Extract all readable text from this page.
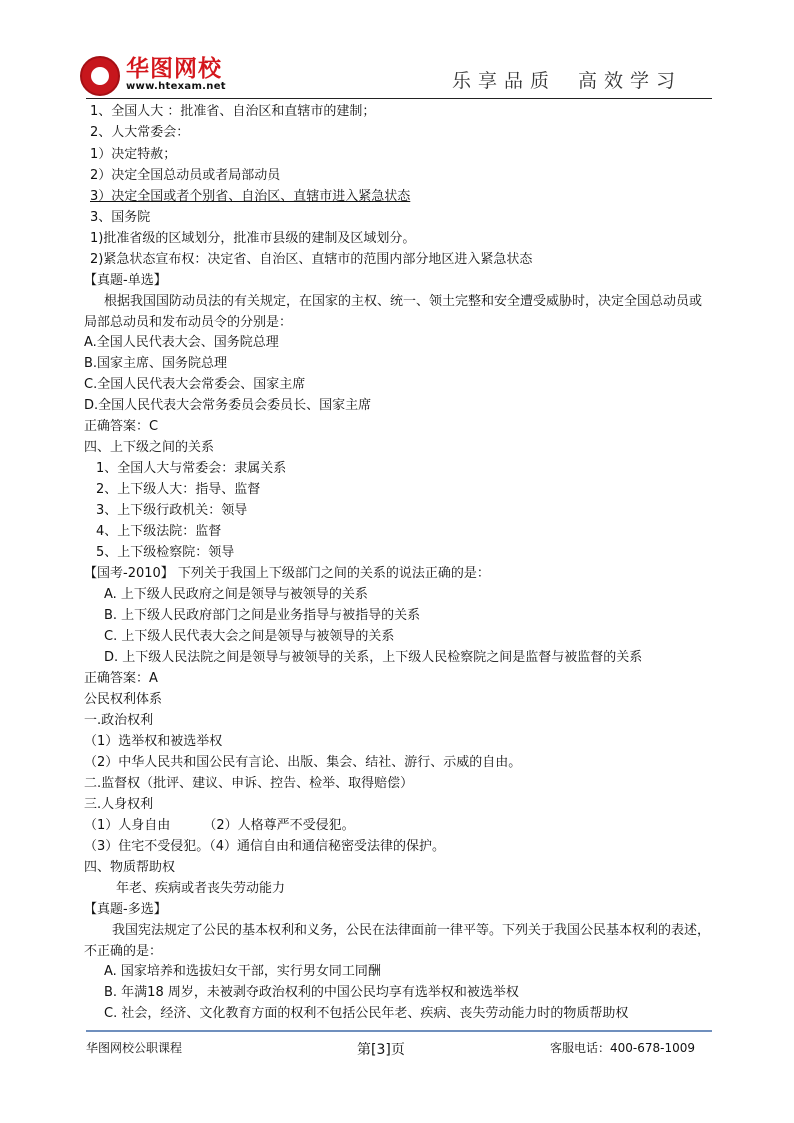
华图网校
www.htexam.net	乐享品质 高效学习
1、全国人大 ：批准省、自治区和直辖市的建制；
2、人大常委会：
1）决定特赦；
2）决定全国总动员或者局部动员
3）决定全国或者个别省、自治区、直辖市进入紧急状态
3、国务院
1)批准省级的区域划分，批准市县级的建制及区域划分。
2)紧急状态宣布权：决定省、自治区、直辖市的范围内部分地区进入紧急状态
【真题-单选】
根据我国国防动员法的有关规定，在国家的主权、统一、领土完整和安全遭受威胁时，决定全国总动员或局部总动员和发布动员令的分别是：
A.全国人民代表大会、国务院总理
B.国家主席、国务院总理
C.全国人民代表大会常委会、国家主席
D.全国人民代表大会常务委员会委员长、国家主席
正确答案：C
四、上下级之间的关系
1、全国人大与常委会：隶属关系
2、上下级人大：指导、监督
3、上下级行政机关：领导
4、上下级法院：监督
5、上下级检察院：领导
【国考-2010】 下列关于我国上下级部门之间的关系的说法正确的是：
A. 上下级人民政府之间是领导与被领导的关系
B. 上下级人民政府部门之间是业务指导与被指导的关系
C. 上下级人民代表大会之间是领导与被领导的关系
D. 上下级人民法院之间是领导与被领导的关系，上下级人民检察院之间是监督与被监督的关系
正确答案：A
公民权利体系
一.政治权利
（1）选举权和被选举权
（2）中华人民共和国公民有言论、出版、集会、结社、游行、示威的自由。
二.监督权（批评、建议、申诉、控告、检举、取得赔偿）
三.人身权利
（1）人身自由        （2）人格尊严不受侵犯。
（3）住宅不受侵犯。（4）通信自由和通信秘密受法律的保护。
四、物质帮助权
年老、疾病或者丧失劳动能力
【真题-多选】
我国宪法规定了公民的基本权利和义务，公民在法律面前一律平等。下列关于我国公民基本权利的表述，不正确的是：
A. 国家培养和选拔妇女干部，实行男女同工同酬
B. 年满18 周岁，未被剥夺政治权利的中国公民均享有选举权和被选举权
C. 社会，经济、文化教育方面的权利不包括公民年老、疾病、丧失劳动能力时的物质帮助权
华图网校公职课程	第[3]页	客服电话：400-678-1009
